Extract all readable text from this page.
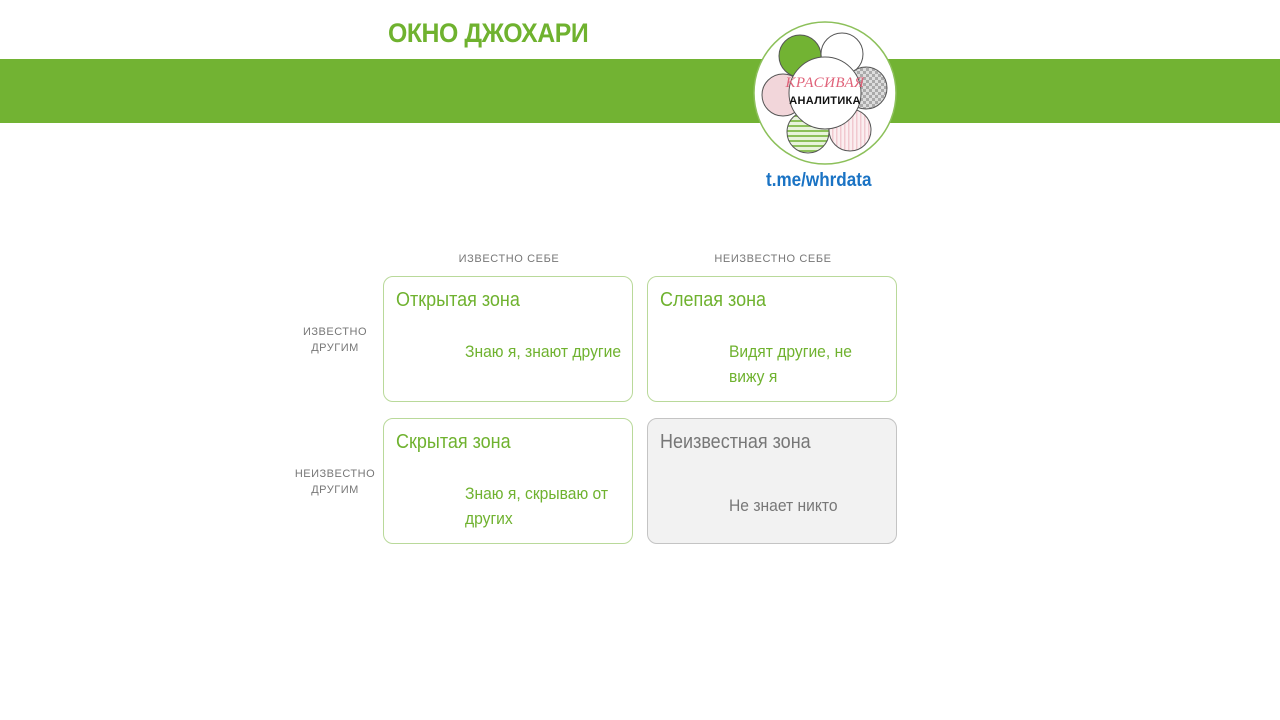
ОКНО ДЖОХАРИ
КРАСИВАЯ
АНАЛИТИКА
t.me/whrdata
ИЗВЕСТНО СЕБЕ	НЕИЗВЕСТНО СЕБЕ
ИЗВЕСТНО
ДРУГИМ
НЕИЗВЕСТНО
ДРУГИМ
Открытая зона
Знаю я, знают другие
Слепая зона
Видят другие, не вижу я
Скрытая зона
Знаю я, скрываю от других
Неизвестная зона
Не знает никто
